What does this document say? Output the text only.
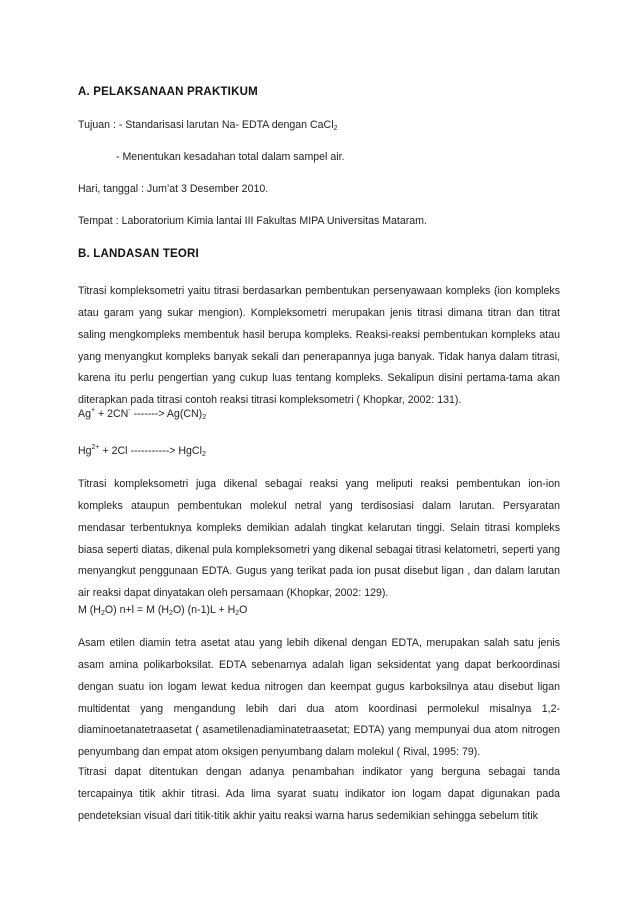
A. PELAKSANAAN PRAKTIKUM

Tujuan : - Standarisasi larutan Na- EDTA dengan CaCl$_2$

- Menentukan kesadahan total dalam sampel air.

Hari, tanggal : Jum’at 3 Desember 2010.

Tempat : Laboratorium Kimia lantai III Fakultas MIPA Universitas Mataram.

B. LANDASAN TEORI

Titrasi kompleksometri yaitu titrasi berdasarkan pembentukan persenyawaan kompleks (ion kompleks atau garam yang sukar mengion). Kompleksometri merupakan jenis titrasi dimana titran dan titrat saling mengkompleks membentuk hasil berupa kompleks. Reaksi-reaksi pembentukan kompleks atau yang menyangkut kompleks banyak sekali dan penerapannya juga banyak. Tidak hanya dalam titrasi, karena itu perlu pengertian yang cukup luas tentang kompleks. Sekalipun disini pertama-tama akan diterapkan pada titrasi contoh reaksi titrasi kompleksometri ( Khopkar, 2002: 131).

Ag+ + 2CN- -------> $Ag(CN)_2$

$Hg^{2+} + 2Cl$ -----------> HgCl$_2$

Titrasi kompleksometri juga dikenal sebagai reaksi yang meliputi reaksi pembentukan ion-ion kompleks ataupun pembentukan molekul netral yang terdisosiasi dalam larutan. Persyaratan mendasar terbentuknya kompleks demikian adalah tingkat kelarutan tinggi. Selain titrasi kompleks biasa seperti diatas, dikenal pula kompleksometri yang dikenal sebagai titrasi kelatometri, seperti yang menyangkut penggunaan EDTA. Gugus yang terikat pada ion pusat disebut ligan , dan dalam larutan air reaksi dapat dinyatakan oleh persamaan (Khopkar, 2002: 129).

M $(H_2O) n+l = M$ $(H_2O) (n-1)L + H_2O$

Asam etilen diamin tetra asetat atau yang lebih dikenal dengan EDTA, merupakan salah satu jenis asam amina polikarboksilat. EDTA sebenarnya adalah ligan seksidentat yang dapat berkoordinasi dengan suatu ion logam lewat kedua nitrogen dan keempat gugus karboksilnya atau disebut ligan multidentat yang mengandung lebih dari dua atom koordinasi permolekul misalnya 1,2-diaminoetanatetraasetat ( asametilenadiaminatetraasetat; EDTA) yang mempunyai dua atom nitrogen penyumbang dan empat atom oksigen penyumbang dalam molekul ( Rival, 1995: 79).

Titrasi dapat ditentukan dengan adanya penambahan indikator yang berguna sebagai tanda tercapainya titik akhir titrasi. Ada lima syarat suatu indikator ion logam dapat digunakan pada pendeteksian visual dari titik-titik akhir yaitu reaksi warna harus sedemikian sehingga sebelum titik
